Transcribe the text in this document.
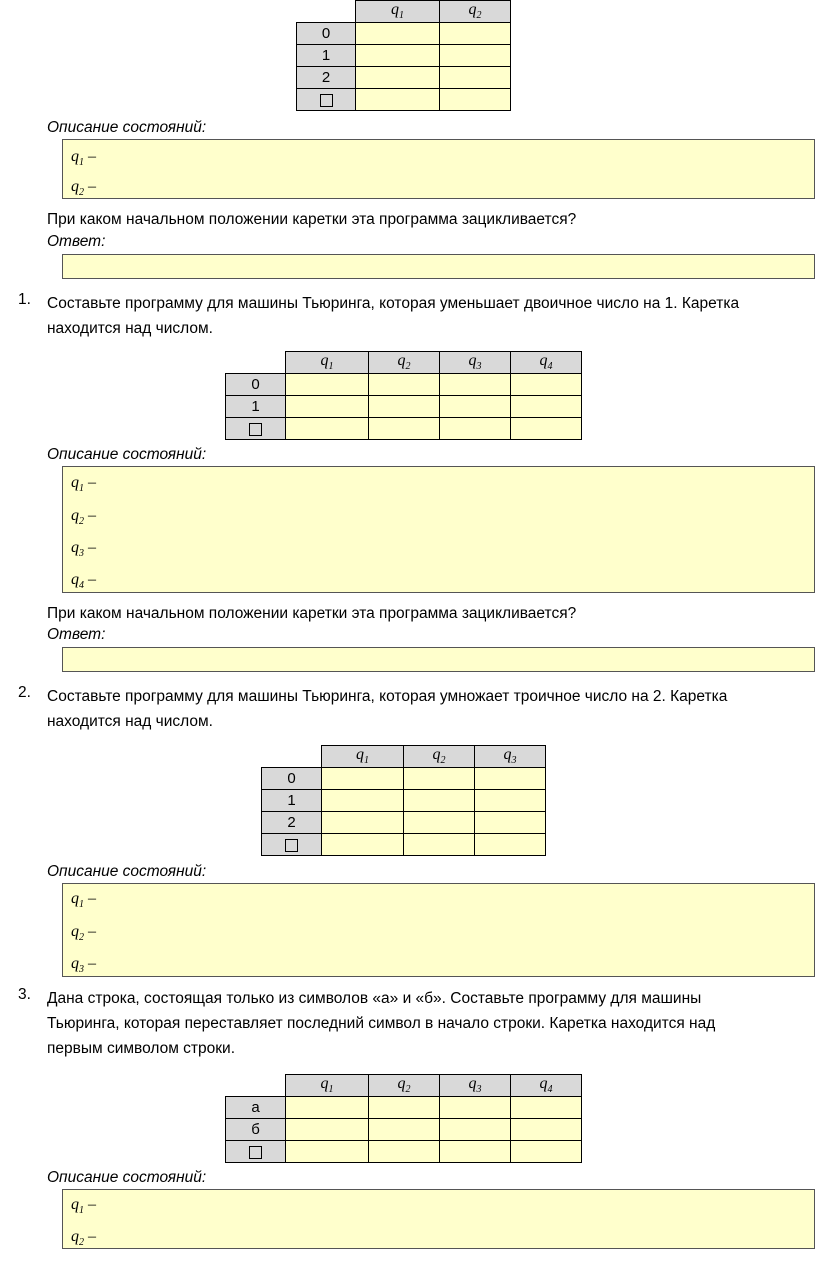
	$q_1$	$q_2$
0		
1		
2		

Описание состояний:
$q_1$ –
$q_2$ –
При каком начальном положении каретки эта программа зацикливается?
Ответ:
1. Составьте программу для машины Тьюринга, которая уменьшает двоичное число на 1. Каретка
находится над числом.
	$q_1$	$q_2$	$q_3$	$q_4$
0				
1				

Описание состояний:
$q_1$ –
$q_2$ –
$q_3$ –
$q_4$ –
При каком начальном положении каретки эта программа зацикливается?
Ответ:
2. Составьте программу для машины Тьюринга, которая умножает троичное число на 2. Каретка
находится над числом.
	$q_1$	$q_2$	$q_3$
0			
1			
2			

Описание состояний:
$q_1$ –
$q_2$ –
$q_3$ –
3. Дана строка, состоящая только из символов «а» и «б». Составьте программу для машины
Тьюринга, которая переставляет последний символ в начало строки. Каретка находится над
первым символом строки.
	$q_1$	$q_2$	$q_3$	$q_4$
а				
б				

Описание состояний:
$q_1$ –
$q_2$ –
